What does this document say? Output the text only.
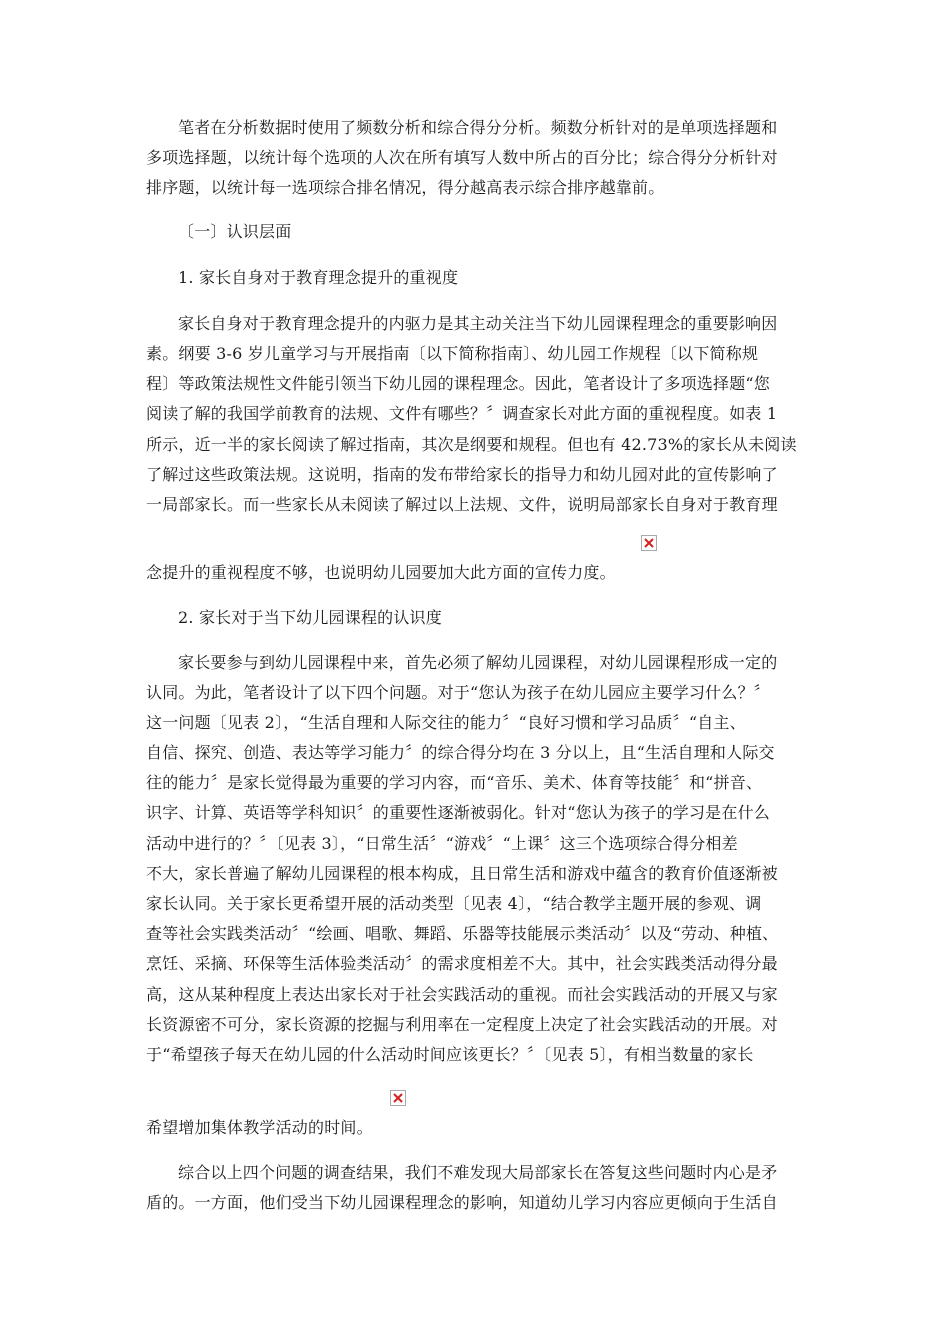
笔者在分析数据时使用了频数分析和综合得分分析。频数分析针对的是单项选择题和
多项选择题，以统计每个选项的人次在所有填写人数中所占的百分比；综合得分分析针对
排序题，以统计每一选项综合排名情况，得分越高表示综合排序越靠前。
〔一〕认识层面
1. 家长自身对于教育理念提升的重视度
家长自身对于教育理念提升的内驱力是其主动关注当下幼儿园课程理念的重要影响因
素。纲要 3-6 岁儿童学习与开展指南〔以下简称指南〕、幼儿园工作规程〔以下简称规
程〕等政策法规性文件能引领当下幼儿园的课程理念。因此，笔者设计了多项选择题“您
阅读了解的我国学前教育的法规、文件有哪些？〞调查家长对此方面的重视程度。如表 1
所示，近一半的家长阅读了解过指南，其次是纲要和规程。但也有 42.73%的家长从未阅读
了解过这些政策法规。这说明，指南的发布带给家长的指导力和幼儿园对此的宣传影响了
一局部家长。而一些家长从未阅读了解过以上法规、文件，说明局部家长自身对于教育理
念提升的重视程度不够，也说明幼儿园要加大此方面的宣传力度。
2. 家长对于当下幼儿园课程的认识度
家长要参与到幼儿园课程中来，首先必须了解幼儿园课程，对幼儿园课程形成一定的
认同。为此，笔者设计了以下四个问题。对于“您认为孩子在幼儿园应主要学习什么？〞
这一问题〔见表 2〕，“生活自理和人际交往的能力〞“良好习惯和学习品质〞“自主、
自信、探究、创造、表达等学习能力〞的综合得分均在 3 分以上，且“生活自理和人际交
往的能力〞是家长觉得最为重要的学习内容，而“音乐、美术、体育等技能〞和“拼音、
识字、计算、英语等学科知识〞的重要性逐渐被弱化。针对“您认为孩子的学习是在什么
活动中进行的？〞〔见表 3〕，“日常生活〞“游戏〞“上课〞这三个选项综合得分相差
不大，家长普遍了解幼儿园课程的根本构成，且日常生活和游戏中蕴含的教育价值逐渐被
家长认同。关于家长更希望开展的活动类型〔见表 4〕，“结合教学主题开展的参观、调
查等社会实践类活动〞“绘画、唱歌、舞蹈、乐器等技能展示类活动〞以及“劳动、种植、
烹饪、采摘、环保等生活体验类活动〞的需求度相差不大。其中，社会实践类活动得分最
高，这从某种程度上表达出家长对于社会实践活动的重视。而社会实践活动的开展又与家
长资源密不可分，家长资源的挖掘与利用率在一定程度上决定了社会实践活动的开展。对
于“希望孩子每天在幼儿园的什么活动时间应该更长？〞〔见表 5〕，有相当数量的家长
希望增加集体教学活动的时间。
综合以上四个问题的调查结果，我们不难发现大局部家长在答复这些问题时内心是矛
盾的。一方面，他们受当下幼儿园课程理念的影响，知道幼儿学习内容应更倾向于生活自
